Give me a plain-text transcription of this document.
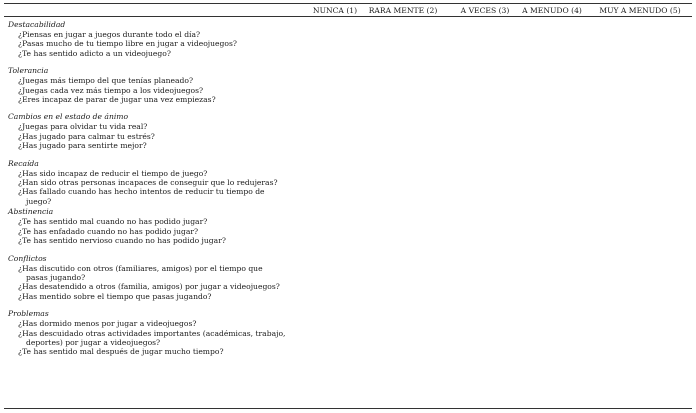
NUNCA (1)	RARA MENTE (2)	A VECES (3) A MENUDO (4)	MUY A MENUDO (5)
Destacabilidad
¿Piensas en jugar a juegos durante todo el día?
¿Pasas mucho de tu tiempo libre en jugar a videojuegos?
¿Te has sentido adicto a un videojuego?
Tolerancia
¿Juegas más tiempo del que tenías planeado?
¿Juegas cada vez más tiempo a los videojuegos?
¿Eres incapaz de parar de jugar una vez empiezas?
Cambios en el estado de ánimo
¿Juegas para olvidar tu vida real?
¿Has jugado para calmar tu estrés?
¿Has jugado para sentirte mejor?
Recaída
¿Has sido incapaz de reducir el tiempo de juego?
¿Han sido otras personas incapaces de conseguir que lo redujeras?
¿Has fallado cuando has hecho intentos de reducir tu tiempo de
juego?
Abstinencia
¿Te has sentido mal cuando no has podido jugar?
¿Te has enfadado cuando no has podido jugar?
¿Te has sentido nervioso cuando no has podido jugar?
Conflictos
¿Has discutido con otros (familiares, amigos) por el tiempo que
pasas jugando?
¿Has desatendido a otros (familia, amigos) por jugar a videojuegos?
¿Has mentido sobre el tiempo que pasas jugando?
Problemas
¿Has dormido menos por jugar a videojuegos?
¿Has descuidado otras actividades importantes (académicas, trabajo,
deportes) por jugar a videojuegos?
¿Te has sentido mal después de jugar mucho tiempo?
